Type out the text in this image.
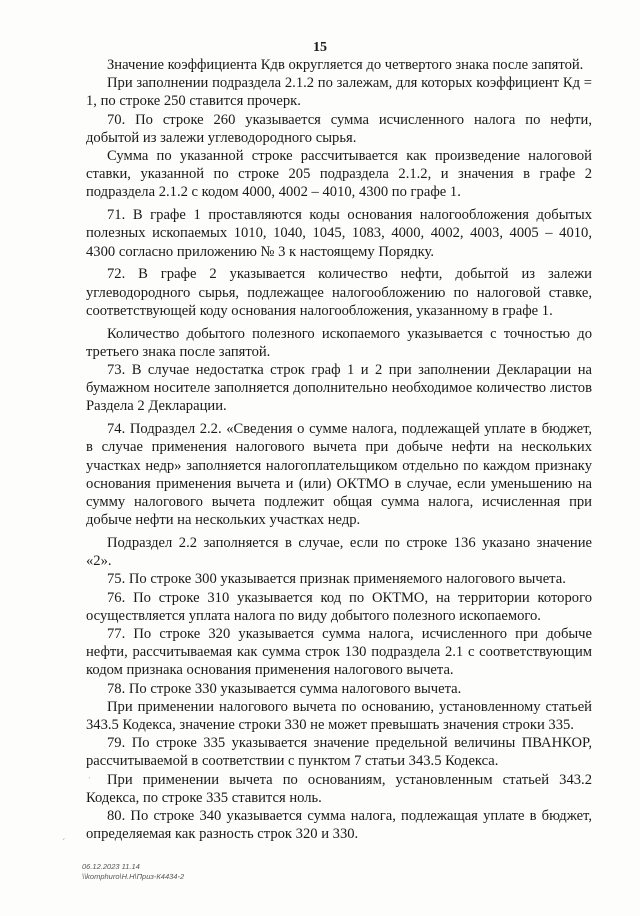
15

Значение коэффициента Кдв округляется до четвертого знака после запятой.

При заполнении подраздела 2.1.2 по залежам, для которых коэффициент Кд = 1, по строке 250 ставится прочерк.

70. По строке 260 указывается сумма исчисленного налога по нефти, добытой из залежи углеводородного сырья.

Сумма по указанной строке рассчитывается как произведение налоговой ставки, указанной по строке 205 подраздела 2.1.2, и значения в графе 2 подраздела 2.1.2 с кодом 4000, 4002 – 4010, 4300 по графе 1.

71. В графе 1 проставляются коды основания налогообложения добытых полезных ископаемых 1010, 1040, 1045, 1083, 4000, 4002, 4003, 4005 – 4010, 4300 согласно приложению № 3 к настоящему Порядку.

72. В графе 2 указывается количество нефти, добытой из залежи углеводородного сырья, подлежащее налогообложению по налоговой ставке, соответствующей коду основания налогообложения, указанному в графе 1.

Количество добытого полезного ископаемого указывается с точностью до третьего знака после запятой.

73. В случае недостатка строк граф 1 и 2 при заполнении Декларации на бумажном носителе заполняется дополнительно необходимое количество листов Раздела 2 Декларации.

74. Подраздел 2.2. «Сведения о сумме налога, подлежащей уплате в бюджет, в случае применения налогового вычета при добыче нефти на нескольких участках недр» заполняется налогоплательщиком отдельно по каждом признаку основания применения вычета и (или) ОКТМО в случае, если уменьшению на сумму налогового вычета подлежит общая сумма налога, исчисленная при добыче нефти на нескольких участках недр.

Подраздел 2.2 заполняется в случае, если по строке 136 указано значение «2».

75. По строке 300 указывается признак применяемого налогового вычета.

76. По строке 310 указывается код по ОКТМО, на территории которого осуществляется уплата налога по виду добытого полезного ископаемого.

77. По строке 320 указывается сумма налога, исчисленного при добыче нефти, рассчитываемая как сумма строк 130 подраздела 2.1 с соответствующим кодом признака основания применения налогового вычета.

78. По строке 330 указывается сумма налогового вычета.

При применении налогового вычета по основанию, установленному статьей 343.5 Кодекса, значение строки 330 не может превышать значения строки 335.

79. По строке 335 указывается значение предельной величины ПВАНКОР, рассчитываемой в соответствии с пунктом 7 статьи 343.5 Кодекса.

При применении вычета по основаниям, установленным статьей 343.2 Кодекса, по строке 335 ставится ноль.

80. По строке 340 указывается сумма налога, подлежащая уплате в бюджет, определяемая как разность строк 320 и 330.

ˌ
ˊ
06.12.2023 11.14
\\komphuro\Н.Н\Приз-К4434-2
